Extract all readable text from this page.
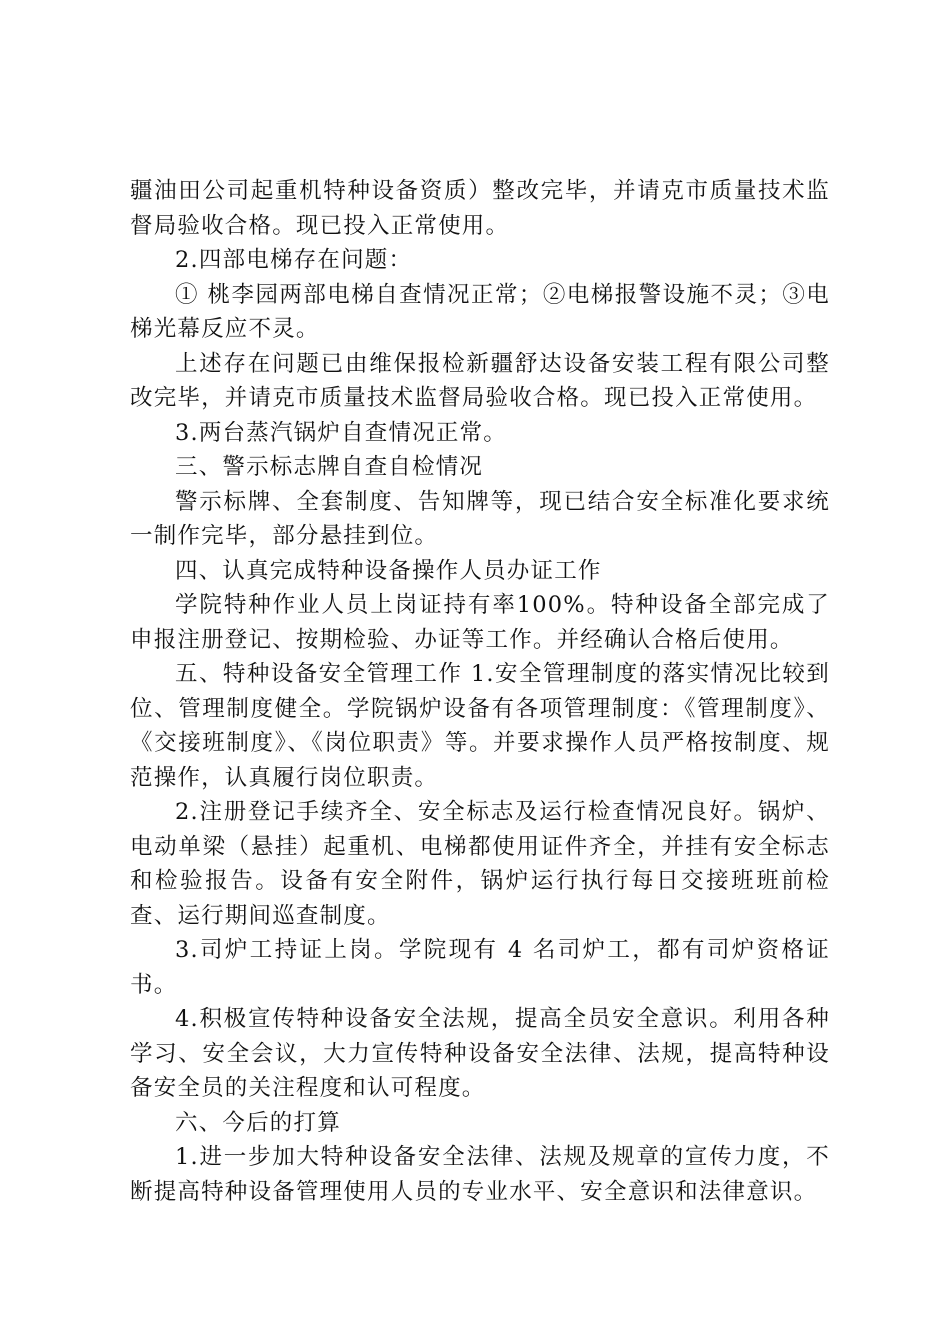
疆油田公司起重机特种设备资质）整改完毕，并请克市质量技术监督局验收合格。现已投入正常使用。

2.四部电梯存在问题：

① 桃李园两部电梯自查情况正常；②电梯报警设施不灵；③电梯光幕反应不灵。

上述存在问题已由维保报检新疆舒达设备安装工程有限公司整改完毕，并请克市质量技术监督局验收合格。现已投入正常使用。

3.两台蒸汽锅炉自查情况正常。

三、警示标志牌自查自检情况

警示标牌、全套制度、告知牌等，现已结合安全标准化要求统一制作完毕，部分悬挂到位。

四、认真完成特种设备操作人员办证工作

学院特种作业人员上岗证持有率100%。特种设备全部完成了申报注册登记、按期检验、办证等工作。并经确认合格后使用。

五、特种设备安全管理工作 1.安全管理制度的落实情况比较到位、管理制度健全。学院锅炉设备有各项管理制度：《管理制度》、《交接班制度》、《岗位职责》等。并要求操作人员严格按制度、规范操作，认真履行岗位职责。

2.注册登记手续齐全、安全标志及运行检查情况良好。锅炉、电动单梁（悬挂）起重机、电梯都使用证件齐全，并挂有安全标志和检验报告。设备有安全附件，锅炉运行执行每日交接班班前检查、运行期间巡查制度。

3.司炉工持证上岗。学院现有 4 名司炉工，都有司炉资格证书。

4.积极宣传特种设备安全法规，提高全员安全意识。利用各种学习、安全会议，大力宣传特种设备安全法律、法规，提高特种设备安全员的关注程度和认可程度。

六、今后的打算

1.进一步加大特种设备安全法律、法规及规章的宣传力度，不断提高特种设备管理使用人员的专业水平、安全意识和法律意识。
